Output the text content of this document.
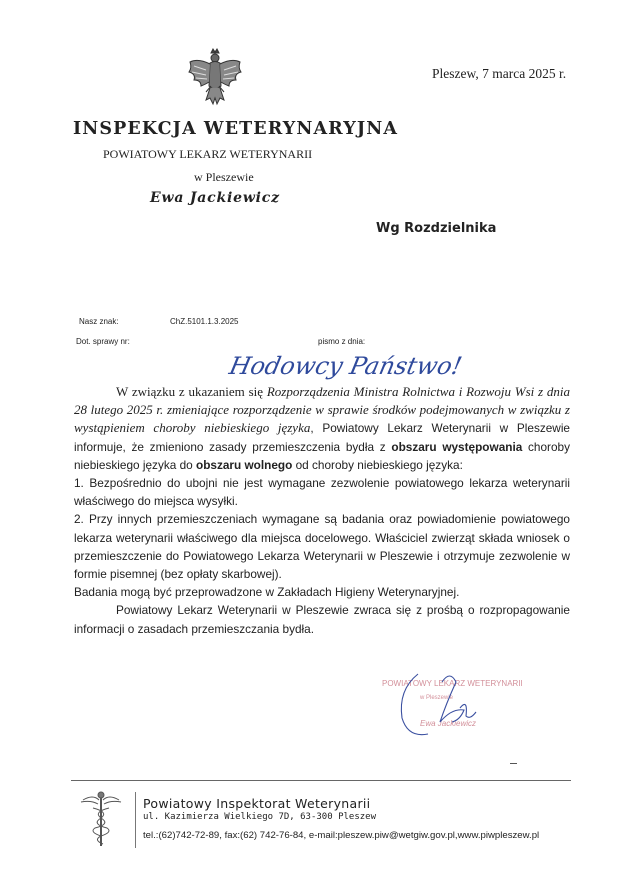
Pleszew, 7 marca 2025 r.
INSPEKCJA WETERYNARYJNA
POWIATOWY LEKARZ WETERYNARII
w Pleszewie
Ewa Jackiewicz
Wg Rozdzielnika
Nasz znak:	ChZ.5101.1.3.2025
Dot. sprawy nr:	pismo z dnia:
Hodowcy Państwo!

W związku z ukazaniem się Rozporządzenia Ministra Rolnictwa i Rozwoju Wsi z dnia 28 lutego 2025 r. zmieniające rozporządzenie w sprawie środków podejmowanych w związku z wystąpieniem choroby niebieskiego języka, Powiatowy Lekarz Weterynarii w Pleszewie informuje, że zmieniono zasady przemieszczenia bydła z obszaru występowania choroby niebieskiego języka do obszaru wolnego od choroby niebieskiego języka:

1. Bezpośrednio do ubojni nie jest wymagane zezwolenie powiatowego lekarza weterynarii właściwego do miejsca wysyłki.

2. Przy innych przemieszczeniach wymagane są badania oraz powiadomienie powiatowego lekarza weterynarii właściwego dla miejsca docelowego. Właściciel zwierząt składa wniosek o przemieszczenie do Powiatowego Lekarza Weterynarii w Pleszewie i otrzymuje zezwolenie w formie pisemnej (bez opłaty skarbowej).

Badania mogą być przeprowadzone w Zakładach Higieny Weterynaryjnej.

Powiatowy Lekarz Weterynarii w Pleszewie zwraca się z prośbą o rozpropagowanie informacji o zasadach przemieszczania bydła.

POWIATOWY LEKARZ WETERYNARII
w Pleszewie
Ewa Jackiewicz
Powiatowy Inspektorat Weterynarii
ul. Kazimierza Wielkiego 7D, 63-300 Pleszew
tel.:(62)742-72-89, fax:(62) 742-76-84, e-mail:pleszew.piw@wetgiw.gov.pl,www.piwpleszew.pl
